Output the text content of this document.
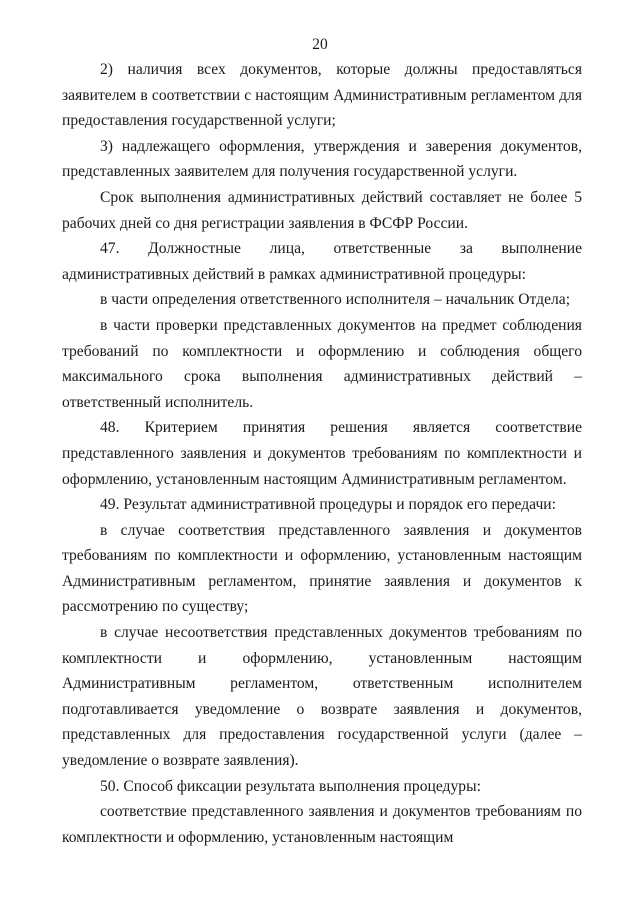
20

2) наличия всех документов, которые должны предоставляться заявителем в соответствии с настоящим Административным регламентом для предоставления государственной услуги;

3) надлежащего оформления, утверждения и заверения документов, представленных заявителем для получения государственной услуги.

Срок выполнения административных действий составляет не более 5 рабочих дней со дня регистрации заявления в ФСФР России.

47. Должностные лица, ответственные за выполнение административных действий в рамках административной процедуры:

в части определения ответственного исполнителя – начальник Отдела;

в части проверки представленных документов на предмет соблюдения требований по комплектности и оформлению и соблюдения общего максимального срока выполнения административных действий – ответственный исполнитель.

48. Критерием принятия решения является соответствие представленного заявления и документов требованиям по комплектности и оформлению, установленным настоящим Административным регламентом.

49. Результат административной процедуры и порядок его передачи:

в случае соответствия представленного заявления и документов требованиям по комплектности и оформлению, установленным настоящим Административным регламентом, принятие заявления и документов к рассмотрению по существу;

в случае несоответствия представленных документов требованиям по комплектности и оформлению, установленным настоящим Административным регламентом, ответственным исполнителем подготавливается уведомление о возврате заявления и документов, представленных для предоставления государственной услуги (далее – уведомление о возврате заявления).

50. Способ фиксации результата выполнения процедуры:

соответствие представленного заявления и документов требованиям по комплектности и оформлению, установленным настоящим
